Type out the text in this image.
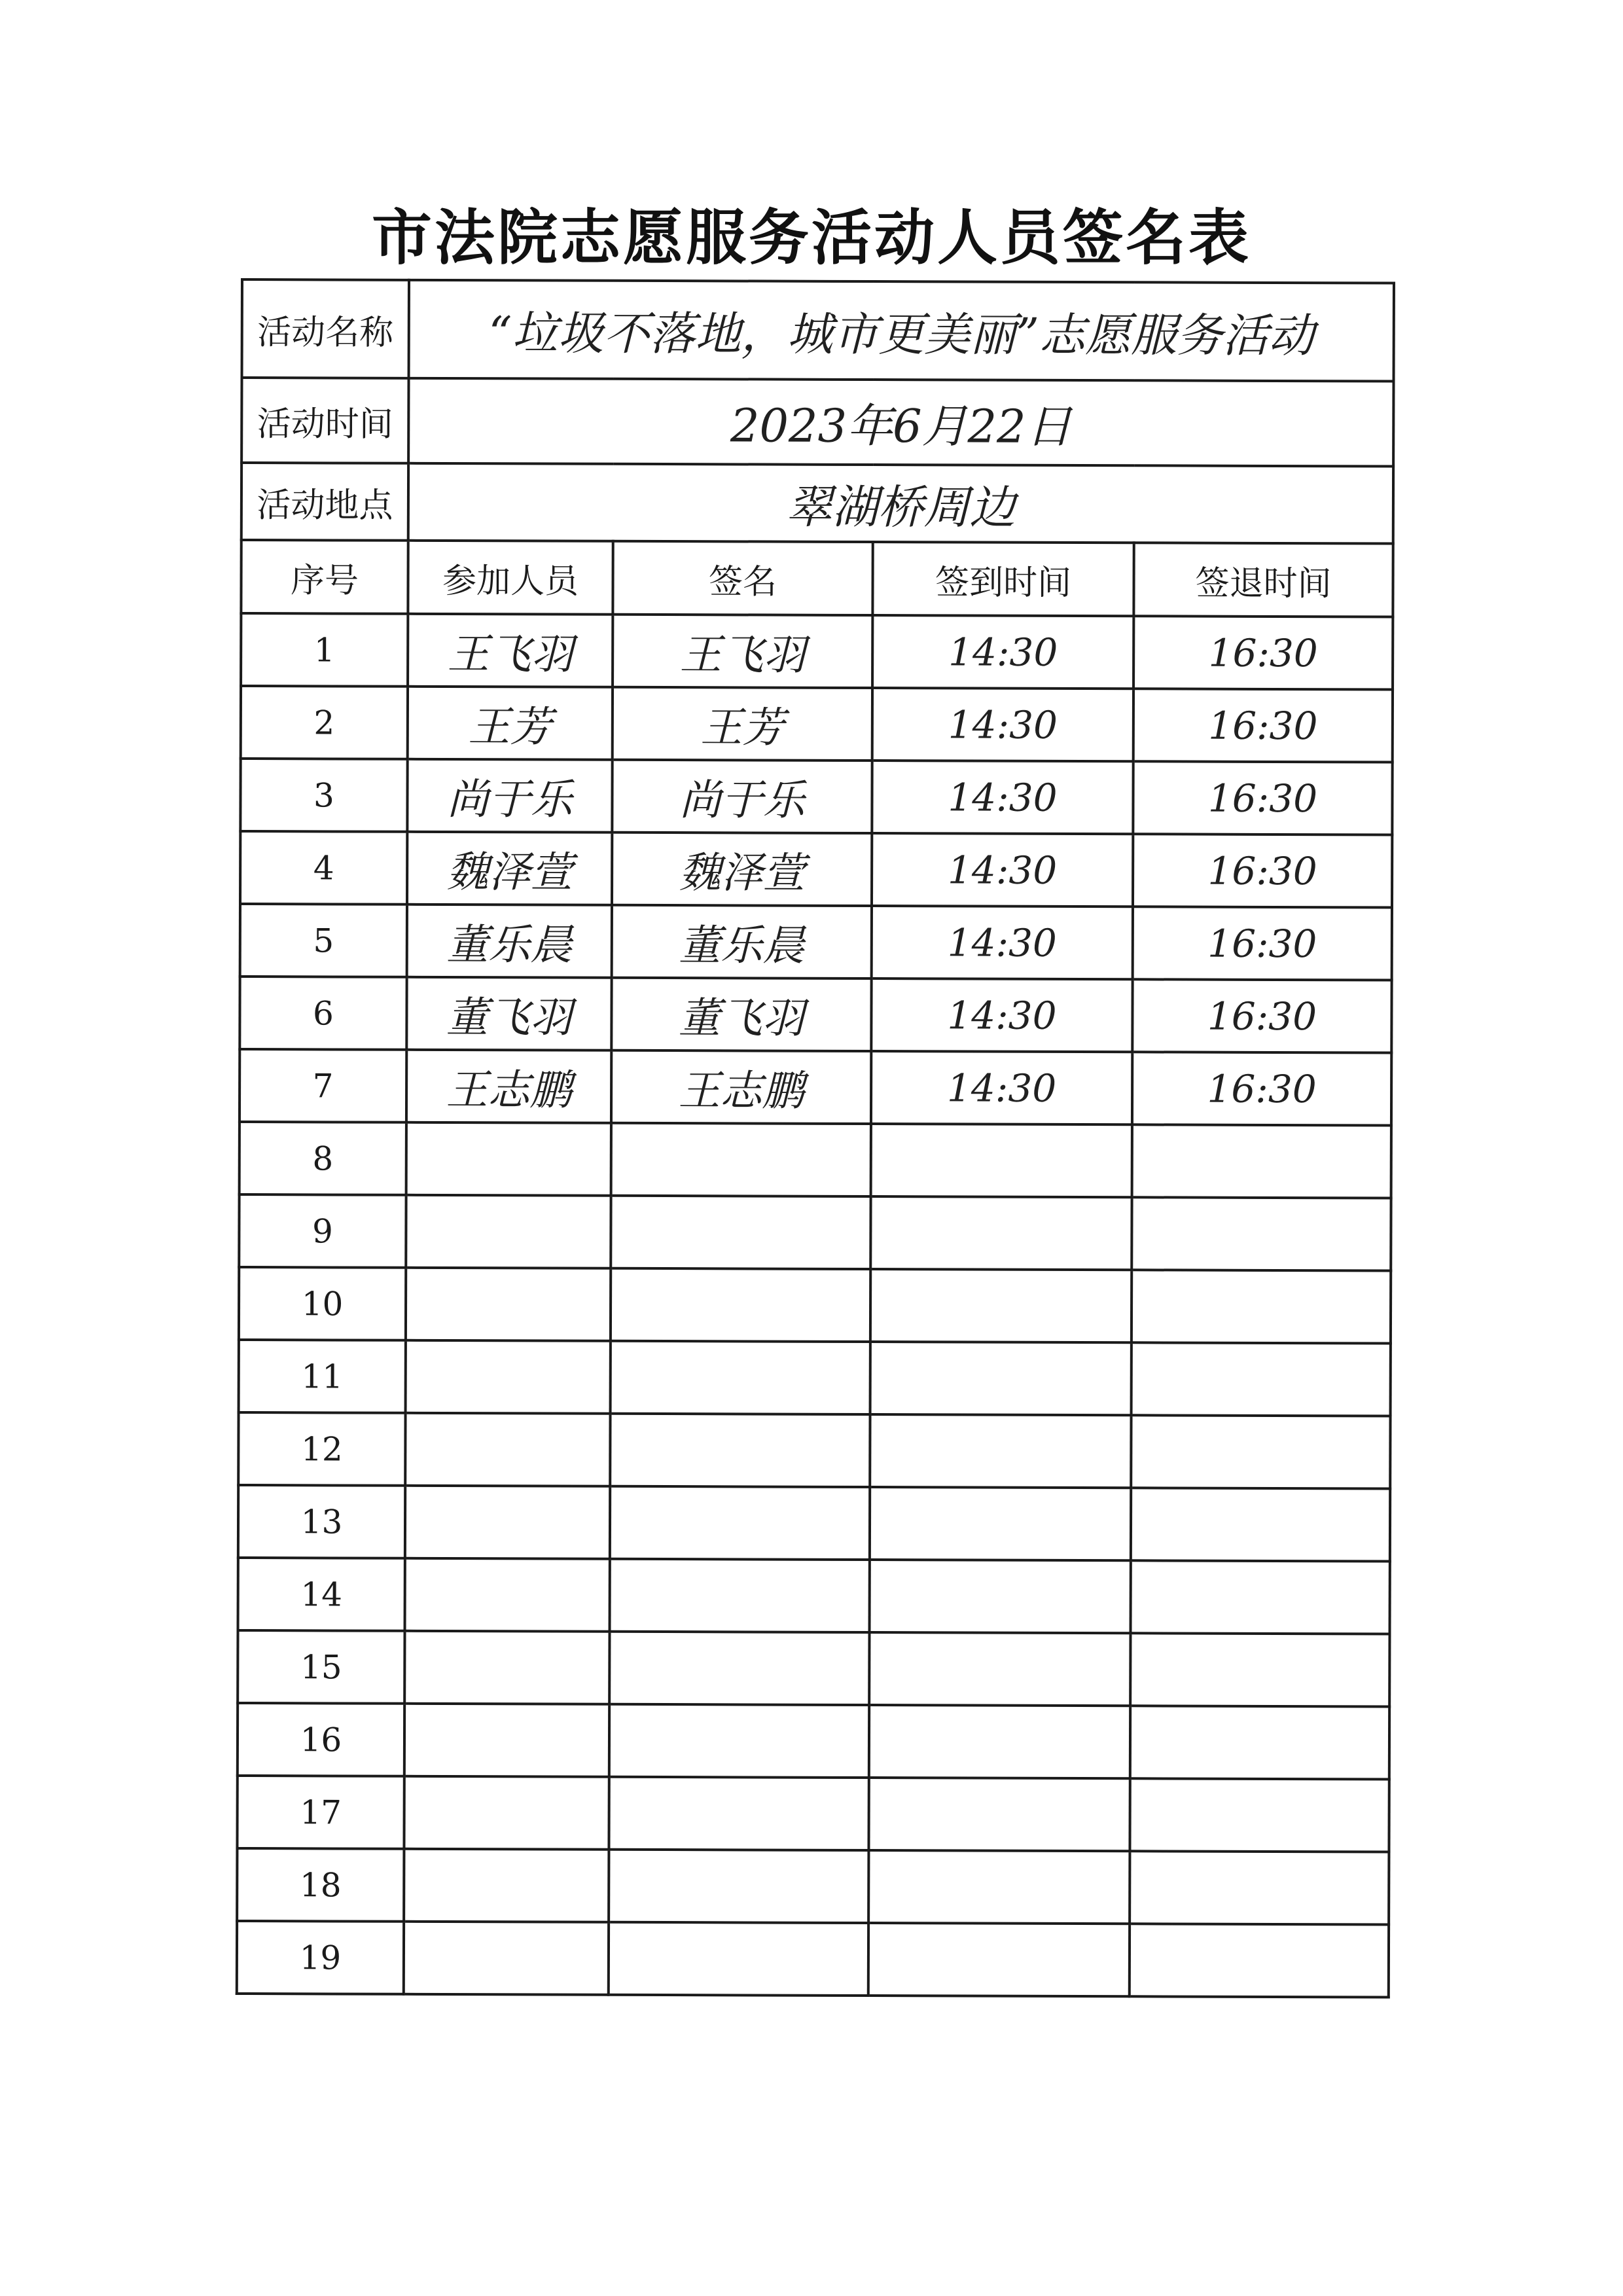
市法院志愿服务活动人员签名表
活动名称	“垃圾不落地，城市更美丽”志愿服务活动			
活动时间	2023年6月22日			
活动地点	翠湖桥周边			
序号	参加人员	签名	签到时间	签退时间
1	王飞羽	王飞羽	14:30	16:30
2	王芳	王芳	14:30	16:30
3	尚于乐	尚于乐	14:30	16:30
4	魏泽萱	魏泽萱	14:30	16:30
5	董乐晨	董乐晨	14:30	16:30
6	董飞羽	董飞羽	14:30	16:30
7	王志鹏	王志鹏	14:30	16:30
8				
9				
10				
11				
12				
13				
14				
15				
16				
17				
18				
19				
